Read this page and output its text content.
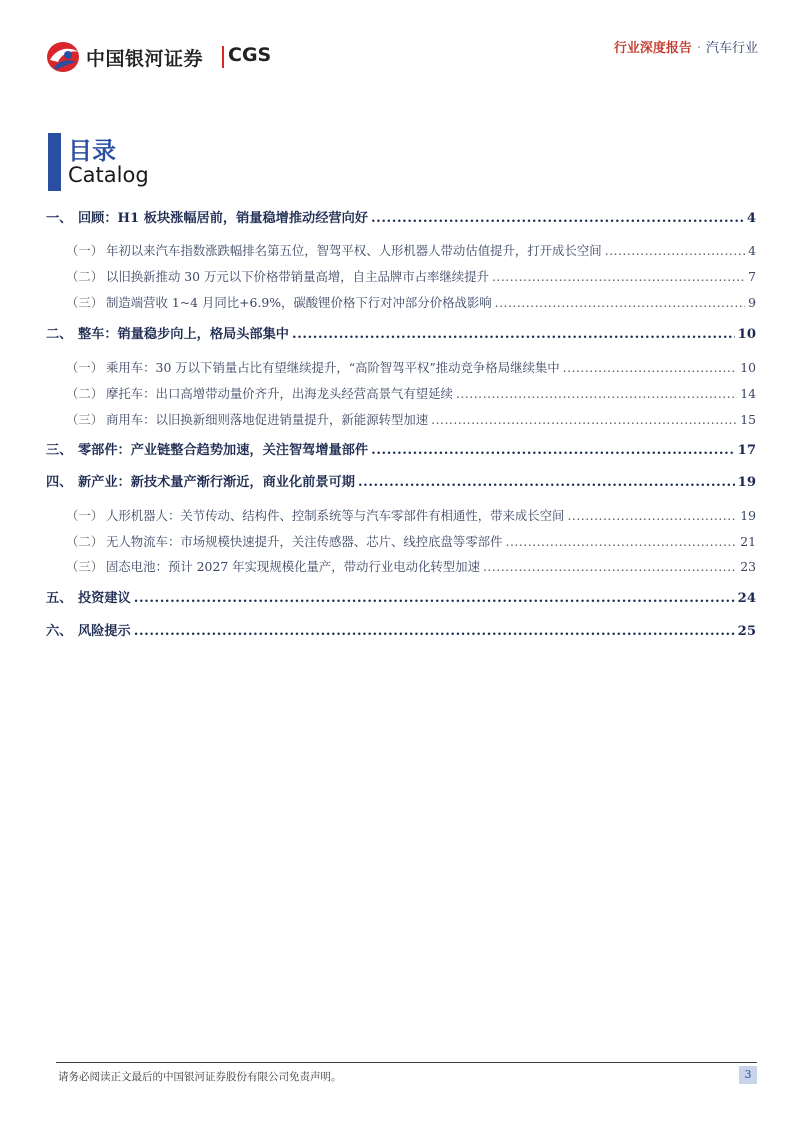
中国银河证券 CGS	行业深度报告 · 汽车行业
目录
Catalog
一、 回顾：H1 板块涨幅居前，销量稳增推动经营向好 .....	4
（一） 年初以来汽车指数涨跌幅排名第五位，智驾平权、人形机器人带动估值提升，打开成长空间 .....	4
（二） 以旧换新推动 30 万元以下价格带销量高增，自主品牌市占率继续提升 .....	7
（三） 制造端营收 1~4 月同比+6.9%，碳酸锂价格下行对冲部分价格战影响 .....	9
二、 整车：销量稳步向上，格局头部集中 .....	10
（一） 乘用车：30 万以下销量占比有望继续提升，“高阶智驾平权”推动竞争格局继续集中 .....	10
（二） 摩托车：出口高增带动量价齐升，出海龙头经营高景气有望延续 .....	14
（三） 商用车：以旧换新细则落地促进销量提升，新能源转型加速 .....	15
三、 零部件：产业链整合趋势加速，关注智驾增量部件 .....	17
四、 新产业：新技术量产渐行渐近，商业化前景可期 .....	19
（一） 人形机器人：关节传动、结构件、控制系统等与汽车零部件有相通性，带来成长空间 .....	19
（二） 无人物流车：市场规模快速提升，关注传感器、芯片、线控底盘等零部件 .....	21
（三） 固态电池：预计 2027 年实现规模化量产，带动行业电动化转型加速 .....	23
五、 投资建议 .....	24
六、 风险提示 .....	25
请务必阅读正文最后的中国银河证券股份有限公司免责声明。	3
